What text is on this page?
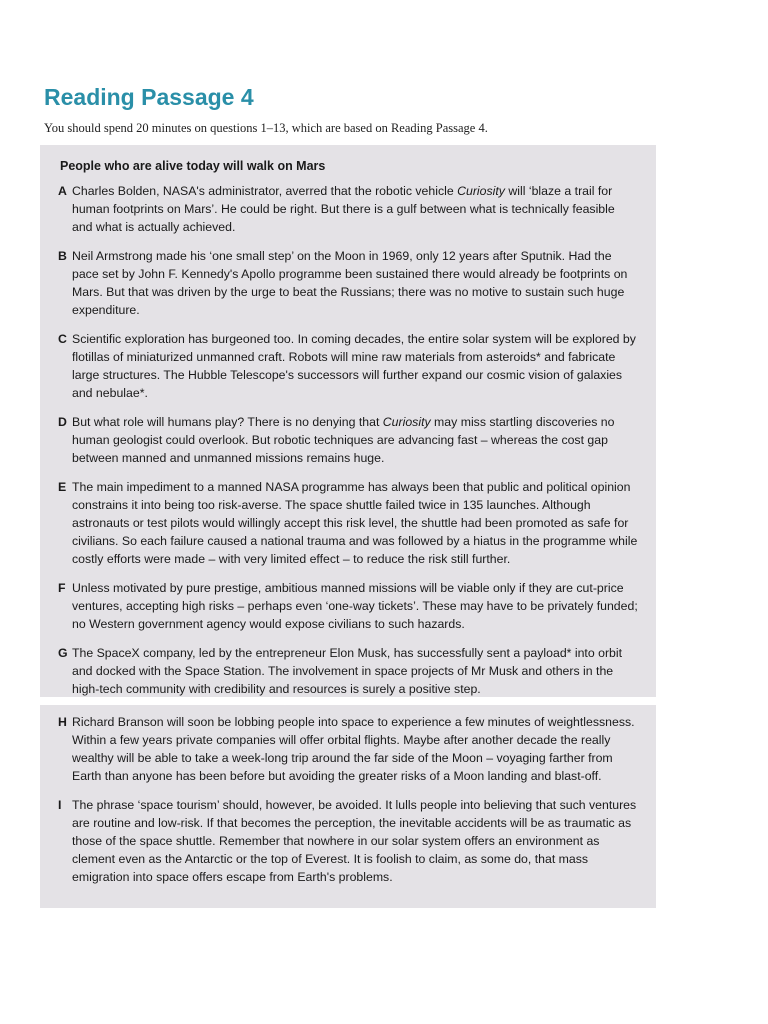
Reading Passage 4

You should spend 20 minutes on questions 1–13, which are based on Reading Passage 4.

People who are alive today will walk on Mars
A Charles Bolden, NASA's administrator, averred that the robotic vehicle Curiosity will ‘blaze a trail for human footprints on Mars’. He could be right. But there is a gulf between what is technically feasible and what is actually achieved.
B Neil Armstrong made his ‘one small step’ on the Moon in 1969, only 12 years after Sputnik. Had the pace set by John F. Kennedy's Apollo programme been sustained there would already be footprints on Mars. But that was driven by the urge to beat the Russians; there was no motive to sustain such huge expenditure.
C Scientific exploration has burgeoned too. In coming decades, the entire solar system will be explored by flotillas of miniaturized unmanned craft. Robots will mine raw materials from asteroids* and fabricate large structures. The Hubble Telescope's successors will further expand our cosmic vision of galaxies and nebulae*.
D But what role will humans play? There is no denying that Curiosity may miss startling discoveries no human geologist could overlook. But robotic techniques are advancing fast – whereas the cost gap between manned and unmanned missions remains huge.
E The main impediment to a manned NASA programme has always been that public and political opinion constrains it into being too risk-averse. The space shuttle failed twice in 135 launches. Although astronauts or test pilots would willingly accept this risk level, the shuttle had been promoted as safe for civilians. So each failure caused a national trauma and was followed by a hiatus in the programme while costly efforts were made – with very limited effect – to reduce the risk still further.
F Unless motivated by pure prestige, ambitious manned missions will be viable only if they are cut-price ventures, accepting high risks – perhaps even ‘one-way tickets’. These may have to be privately funded; no Western government agency would expose civilians to such hazards.
G The SpaceX company, led by the entrepreneur Elon Musk, has successfully sent a payload* into orbit and docked with the Space Station. The involvement in space projects of Mr Musk and others in the high-tech community with credibility and resources is surely a positive step.
H Richard Branson will soon be lobbing people into space to experience a few minutes of weightlessness. Within a few years private companies will offer orbital flights. Maybe after another decade the really wealthy will be able to take a week-long trip around the far side of the Moon – voyaging farther from Earth than anyone has been before but avoiding the greater risks of a Moon landing and blast-off.
I The phrase ‘space tourism’ should, however, be avoided. It lulls people into believing that such ventures are routine and low-risk. If that becomes the perception, the inevitable accidents will be as traumatic as those of the space shuttle. Remember that nowhere in our solar system offers an environment as clement even as the Antarctic or the top of Everest. It is foolish to claim, as some do, that mass emigration into space offers escape from Earth's problems.
